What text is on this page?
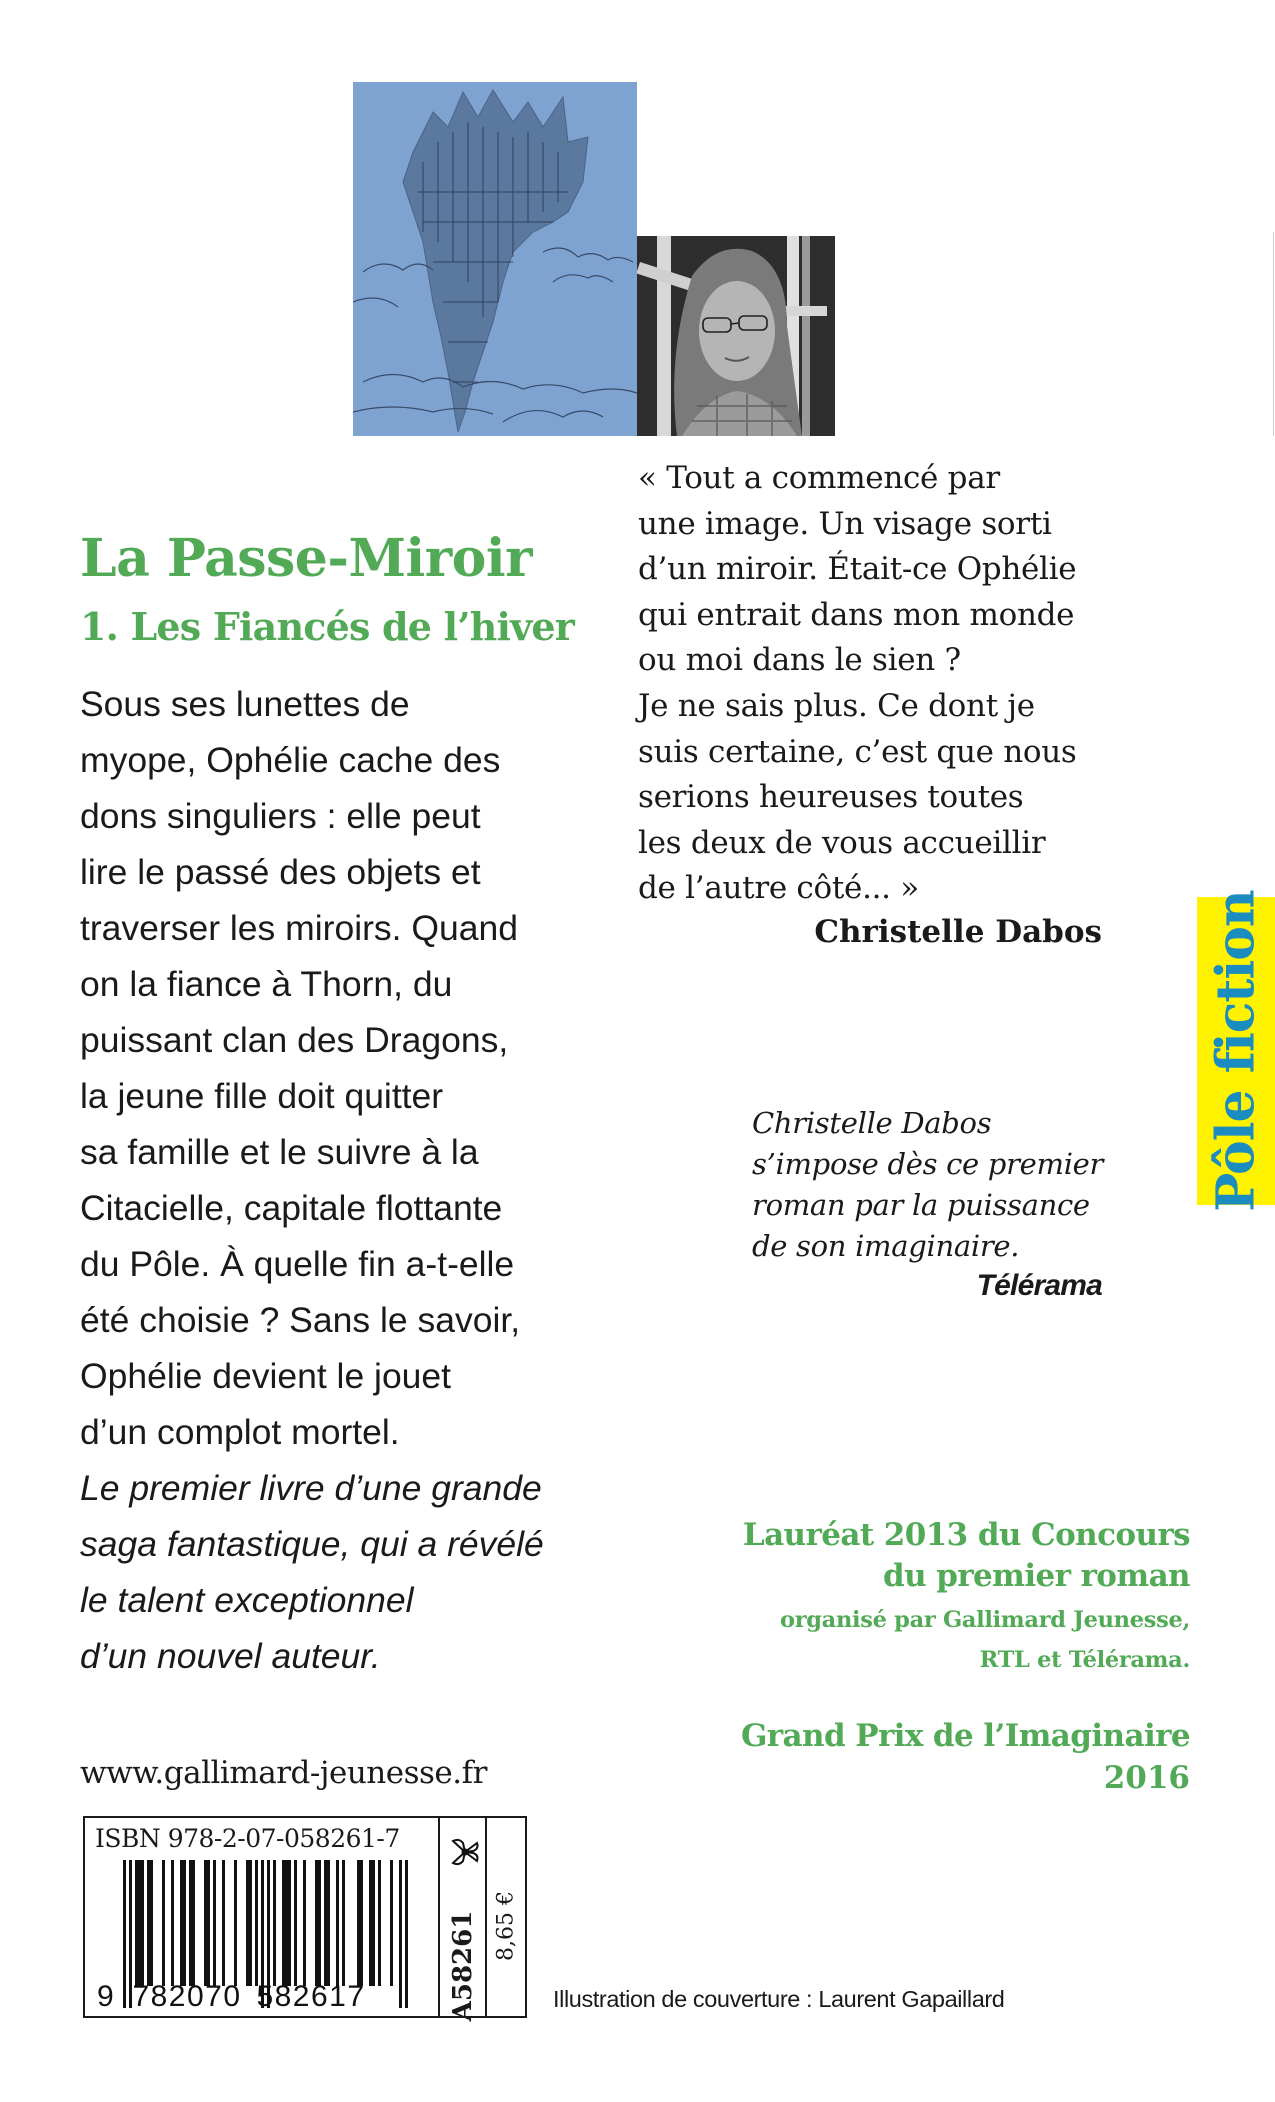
La Passe-Miroir
1. Les Fiancés de l’hiver
Sous ses lunettes de
myope, Ophélie cache des
dons singuliers : elle peut
lire le passé des objets et
traverser les miroirs. Quand
on la fiance à Thorn, du
puissant clan des Dragons,
la jeune fille doit quitter
sa famille et le suivre à la
Citacielle, capitale flottante
du Pôle. À quelle fin a-t-elle
été choisie ? Sans le savoir,
Ophélie devient le jouet
d’un complot mortel.
Le premier livre d’une grande
saga fantastique, qui a révélé
le talent exceptionnel
d’un nouvel auteur.
« Tout a commencé par
une image. Un visage sorti
d’un miroir. Était-ce Ophélie
qui entrait dans mon monde
ou moi dans le sien ?
Je ne sais plus. Ce dont je
suis certaine, c’est que nous
serions heureuses toutes
les deux de vous accueillir
de l’autre côté... »
Christelle Dabos
Christelle Dabos
s’impose dès ce premier
roman par la puissance
de son imaginaire.
Télérama
Pôle fiction
Lauréat 2013 du Concours
du premier roman
organisé par Gallimard Jeunesse,
RTL et Télérama.
Grand Prix de l’Imaginaire
2016
www.gallimard-jeunesse.fr
ISBN 978-2-07-058261-7
9 782070 582617	A58261 8,65 €
Illustration de couverture : Laurent Gapaillard
